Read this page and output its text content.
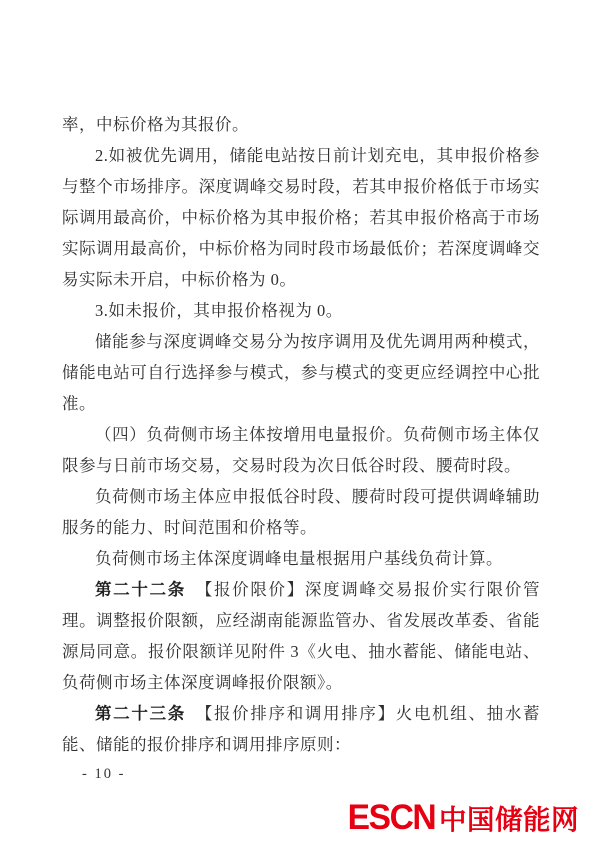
率，中标价格为其报价。

2.如被优先调用，储能电站按日前计划充电，其申报价格参与整个市场排序。深度调峰交易时段，若其申报价格低于市场实际调用最高价，中标价格为其申报价格；若其申报价格高于市场实际调用最高价，中标价格为同时段市场最低价；若深度调峰交易实际未开启，中标价格为 0。

3.如未报价，其申报价格视为 0。

储能参与深度调峰交易分为按序调用及优先调用两种模式，储能电站可自行选择参与模式，参与模式的变更应经调控中心批准。

（四）负荷侧市场主体按增用电量报价。负荷侧市场主体仅限参与日前市场交易，交易时段为次日低谷时段、腰荷时段。

负荷侧市场主体应申报低谷时段、腰荷时段可提供调峰辅助服务的能力、时间范围和价格等。

负荷侧市场主体深度调峰电量根据用户基线负荷计算。

第二十二条　【报价限价】深度调峰交易报价实行限价管理。调整报价限额，应经湖南能源监管办、省发展改革委、省能源局同意。报价限额详见附件 3《火电、抽水蓄能、储能电站、负荷侧市场主体深度调峰报价限额》。

第二十三条　【报价排序和调用排序】火电机组、抽水蓄能、储能的报价排序和调用排序原则：

- 10 -
ESCN 中国储能网
